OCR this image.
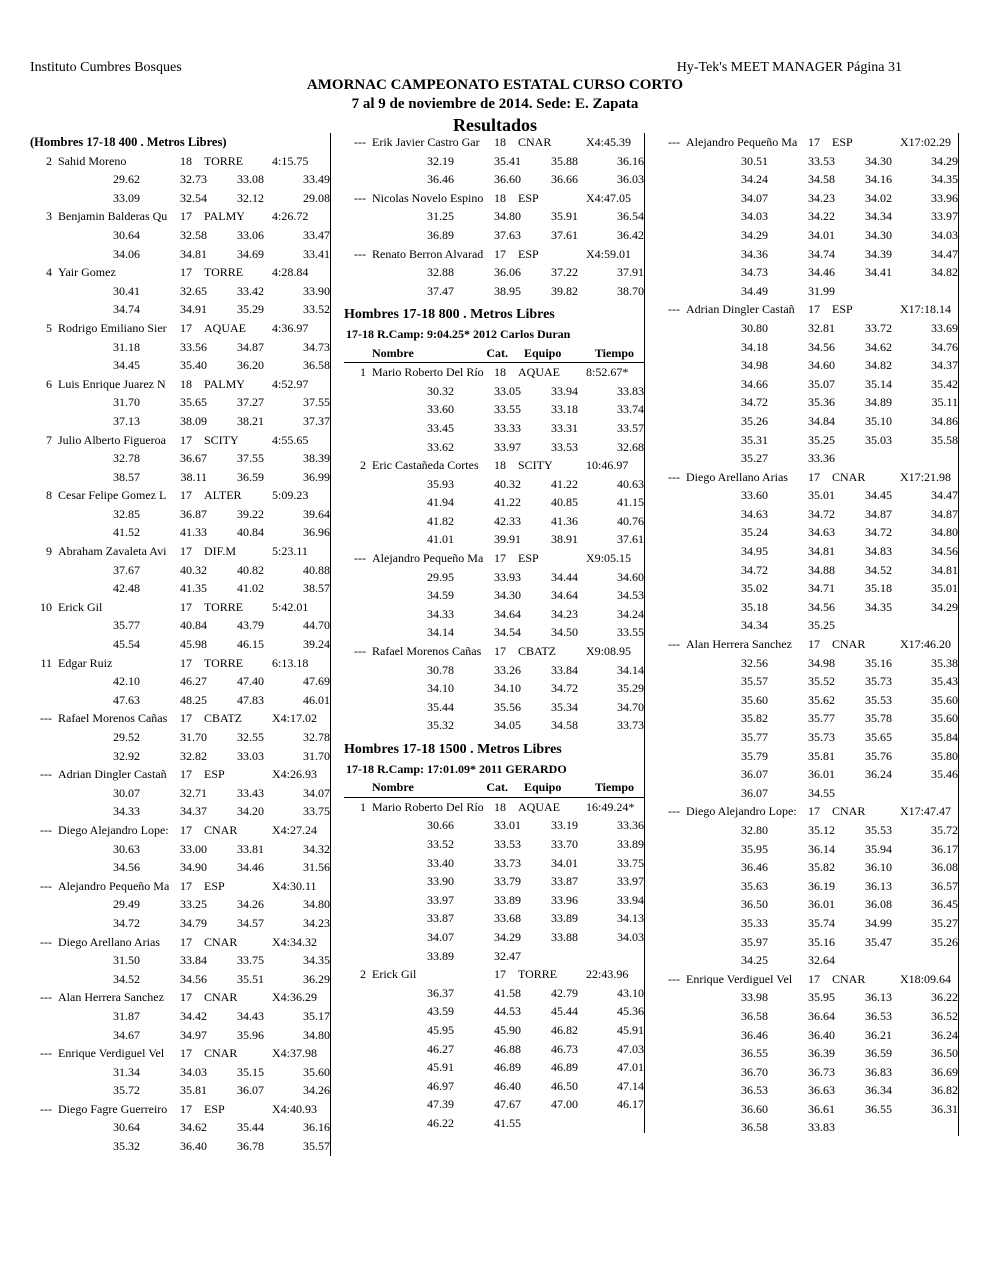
Instituto Cumbres Bosques	Hy-Tek's MEET MANAGER Página 31
AMORNAC CAMPEONATO ESTATAL CURSO CORTO
7 al 9 de noviembre de 2014. Sede: E. Zapata
Resultados
(Hombres 17-18 400 . Metros Libres)
2 Sahid Moreno	18 TORRE 4:15.75
29.62	32.73	33.08	33.49
33.09	32.54	32.12	29.08
3 Benjamin Balderas Qu	17 PALMY 4:26.72
30.64	32.58	33.06	33.47
34.06	34.81	34.69	33.41
4 Yair Gomez	17 TORRE 4:28.84
30.41	32.65	33.42	33.90
34.74	34.91	35.29	33.52
5 Rodrigo Emiliano Sier	17 AQUAE 4:36.97
31.18	33.56	34.87	34.73
34.45	35.40	36.20	36.58
6 Luis Enrique Juarez N	18 PALMY 4:52.97
31.70	35.65	37.27	37.55
37.13	38.09	38.21	37.37
7 Julio Alberto Figueroa	17 SCITY	4:55.65
32.78	36.67	37.55	38.39
38.57	38.11	36.59	36.99
8 Cesar Felipe Gomez L	17 ALTER	5:09.23
32.85	36.87	39.22	39.64
41.52	41.33	40.84	36.96
9 Abraham Zavaleta Avi	17 DIF.M	5:23.11
37.67	40.32	40.82	40.88
42.48	41.35	41.02	38.57
10 Erick Gil	17 TORRE 5:42.01
35.77	40.84	43.79	44.70
45.54	45.98	46.15	39.24
11 Edgar Ruiz	17 TORRE 6:13.18
42.10	46.27	47.40	47.69
47.63	48.25	47.83	46.01
--- Rafael Morenos Cañas	17 CBATZ X4:17.02
29.52	31.70	32.55	32.78
32.92	32.82	33.03	31.70
--- Adrian Dingler Castañ	17 ESP	X4:26.93
30.07	32.71	33.43	34.07
34.33	34.37	34.20	33.75
--- Diego Alejandro Lope: 17 CNAR	X4:27.24
30.63	33.00	33.81	34.32
34.56	34.90	34.46	31.56
--- Alejandro Pequeño Ma 17 ESP	X4:30.11
29.49	33.25	34.26	34.80
34.72	34.79	34.57	34.23
--- Diego Arellano Arias	17 CNAR	X4:34.32
31.50	33.84	33.75	34.35
34.52	34.56	35.51	36.29
--- Alan Herrera Sanchez	17 CNAR	X4:36.29
31.87	34.42	34.43	35.17
34.67	34.97	35.96	34.80
--- Enrique Verdiguel Vel	17 CNAR	X4:37.98
31.34	34.03	35.15	35.60
35.72	35.81	36.07	34.26
--- Diego Fagre Guerreiro	17 ESP	X4:40.93
30.64	34.62	35.44	36.16
35.32	36.40	36.78	35.57
--- Erik Javier Castro Gar	18 CNAR	X4:45.39
32.19	35.41	35.88	36.16
36.46	36.60	36.66	36.03
--- Nicolas Novelo Espino 18 ESP	X4:47.05
31.25	34.80	35.91	36.54
36.89	37.63	37.61	36.42
--- Renato Berron Alvarad 17 ESP	X4:59.01
32.88	36.06	37.22	37.91
37.47	38.95	39.82	38.70
Hombres 17-18 800 . Metros Libres
17-18 R.Camp: 9:04.25* 2012 Carlos Duran
Nombre	Cat. Equipo	Tiempo
1 Mario Roberto Del Río 18 AQUAE 8:52.67*
30.32	33.05	33.94	33.83
33.60	33.55	33.18	33.74
33.45	33.33	33.31	33.57
33.62	33.97	33.53	32.68
2 Eric Castañeda Cortes	18 SCITY	10:46.97
35.93	40.32	41.22	40.63
41.94	41.22	40.85	41.15
41.82	42.33	41.36	40.76
41.01	39.91	38.91	37.61
--- Alejandro Pequeño Ma 17 ESP	X9:05.15
29.95	33.93	34.44	34.60
34.59	34.30	34.64	34.53
34.33	34.64	34.23	34.24
34.14	34.54	34.50	33.55
--- Rafael Morenos Cañas	17 CBATZ X9:08.95
30.78	33.26	33.84	34.14
34.10	34.10	34.72	35.29
35.44	35.56	35.34	34.70
35.32	34.05	34.58	33.73
Hombres 17-18 1500 . Metros Libres
17-18 R.Camp: 17:01.09* 2011 GERARDO
Nombre	Cat. Equipo	Tiempo
1 Mario Roberto Del Río 18 AQUAE 16:49.24*
30.66	33.01	33.19	33.36
33.52	33.53	33.70	33.89
33.40	33.73	34.01	33.75
33.90	33.79	33.87	33.97
33.97	33.89	33.96	33.94
33.87	33.68	33.89	34.13
34.07	34.29	33.88	34.03
33.89	32.47
2 Erick Gil	17 TORRE 22:43.96
36.37	41.58	42.79	43.10
43.59	44.53	45.44	45.36
45.95	45.90	46.82	45.91
46.27	46.88	46.73	47.03
45.91	46.89	46.89	47.01
46.97	46.40	46.50	47.14
47.39	47.67	47.00	46.17
46.22	41.55
--- Alejandro Pequeño Ma 17 ESP	X17:02.29
30.51	33.53	34.30	34.29
34.24	34.58	34.16	34.35
34.07	34.23	34.02	33.96
34.03	34.22	34.34	33.97
34.29	34.01	34.30	34.03
34.36	34.74	34.39	34.47
34.73	34.46	34.41	34.82
34.49	31.99
--- Adrian Dingler Castañ	17 ESP	X17:18.14
30.80	32.81	33.72	33.69
34.18	34.56	34.62	34.76
34.98	34.60	34.82	34.37
34.66	35.07	35.14	35.42
34.72	35.36	34.89	35.11
35.26	34.84	35.10	34.86
35.31	35.25	35.03	35.58
35.27	33.36
--- Diego Arellano Arias	17 CNAR	X17:21.98
33.60	35.01	34.45	34.47
34.63	34.72	34.87	34.87
35.24	34.63	34.72	34.80
34.95	34.81	34.83	34.56
34.72	34.88	34.52	34.81
35.02	34.71	35.18	35.01
35.18	34.56	34.35	34.29
34.34	35.25
--- Alan Herrera Sanchez	17 CNAR	X17:46.20
32.56	34.98	35.16	35.38
35.57	35.52	35.73	35.43
35.60	35.62	35.53	35.60
35.82	35.77	35.78	35.60
35.77	35.73	35.65	35.84
35.79	35.81	35.76	35.80
36.07	36.01	36.24	35.46
36.07	34.55
--- Diego Alejandro Lope: 17 CNAR	X17:47.47
32.80	35.12	35.53	35.72
35.95	36.14	35.94	36.17
36.46	35.82	36.10	36.08
35.63	36.19	36.13	36.57
36.50	36.01	36.08	36.45
35.33	35.74	34.99	35.27
35.97	35.16	35.47	35.26
34.25	32.64
--- Enrique Verdiguel Vel	17 CNAR	X18:09.64
33.98	35.95	36.13	36.22
36.58	36.64	36.53	36.52
36.46	36.40	36.21	36.24
36.55	36.39	36.59	36.50
36.70	36.73	36.83	36.69
36.53	36.63	36.34	36.82
36.60	36.61	36.55	36.31
36.58	33.83
